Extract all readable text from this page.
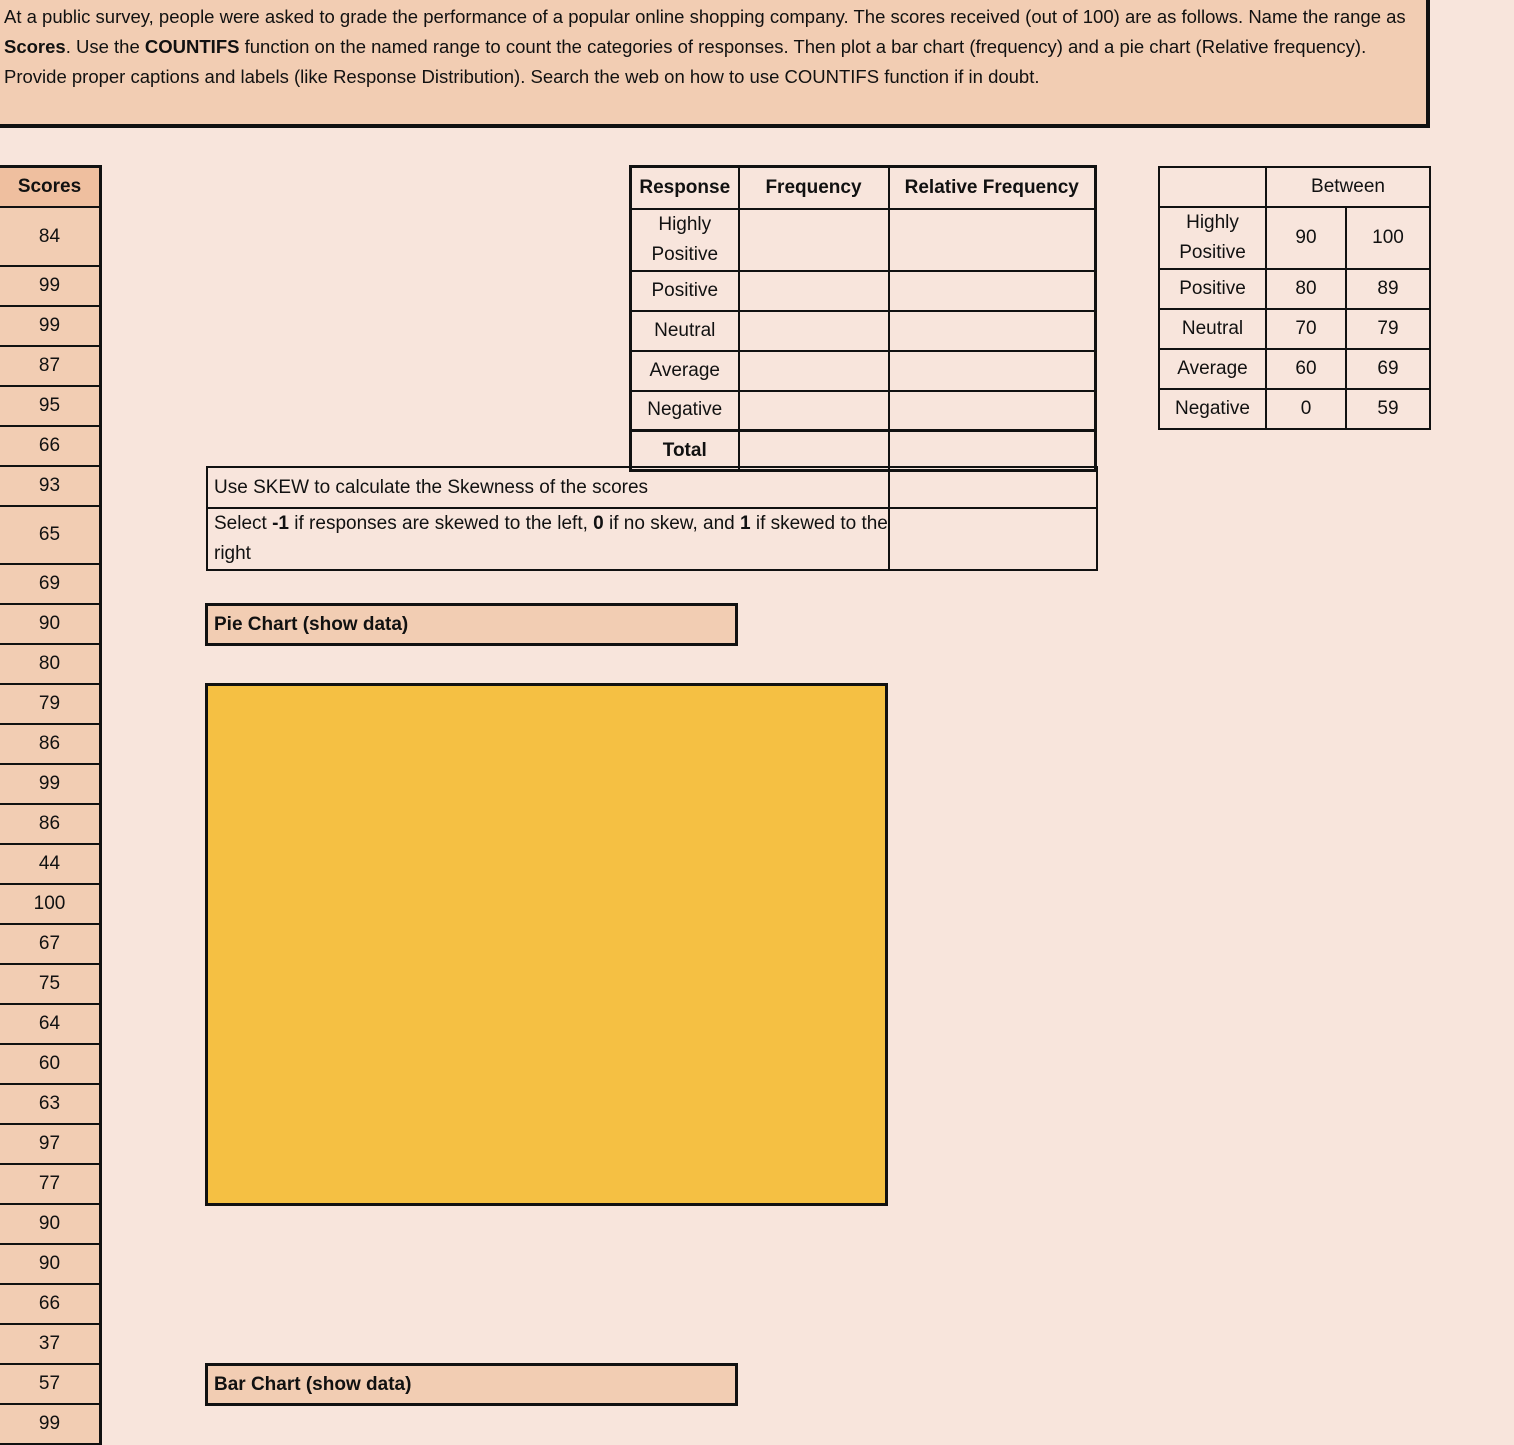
At a public survey, people were asked to grade the performance of a popular online shopping company. The scores received (out of 100) are as follows. Name the range as Scores. Use the COUNTIFS function on the named range to count the categories of responses. Then plot a bar chart (frequency) and a pie chart (Relative frequency). Provide proper captions and labels (like Response Distribution). Search the web on how to use COUNTIFS function if in doubt.
Scores
84
99
99
87
95
66
93
65
69
90
80
79
86
99
86
44
100
67
75
64
60
63
97
77
90
90
66
37
57
99
Response	Frequency	Relative Frequency
Highly Positive		
Positive		
Neutral		
Average		
Negative		
Total		
	Between	
Highly Positive	90	100
Positive	80	89
Neutral	70	79
Average	60	69
Negative	0	59
Use SKEW to calculate the Skewness of the scores	
Select -1 if responses are skewed to the left, 0 if no skew, and 1 if skewed to the right	
Pie Chart (show data)
Bar Chart (show data)
